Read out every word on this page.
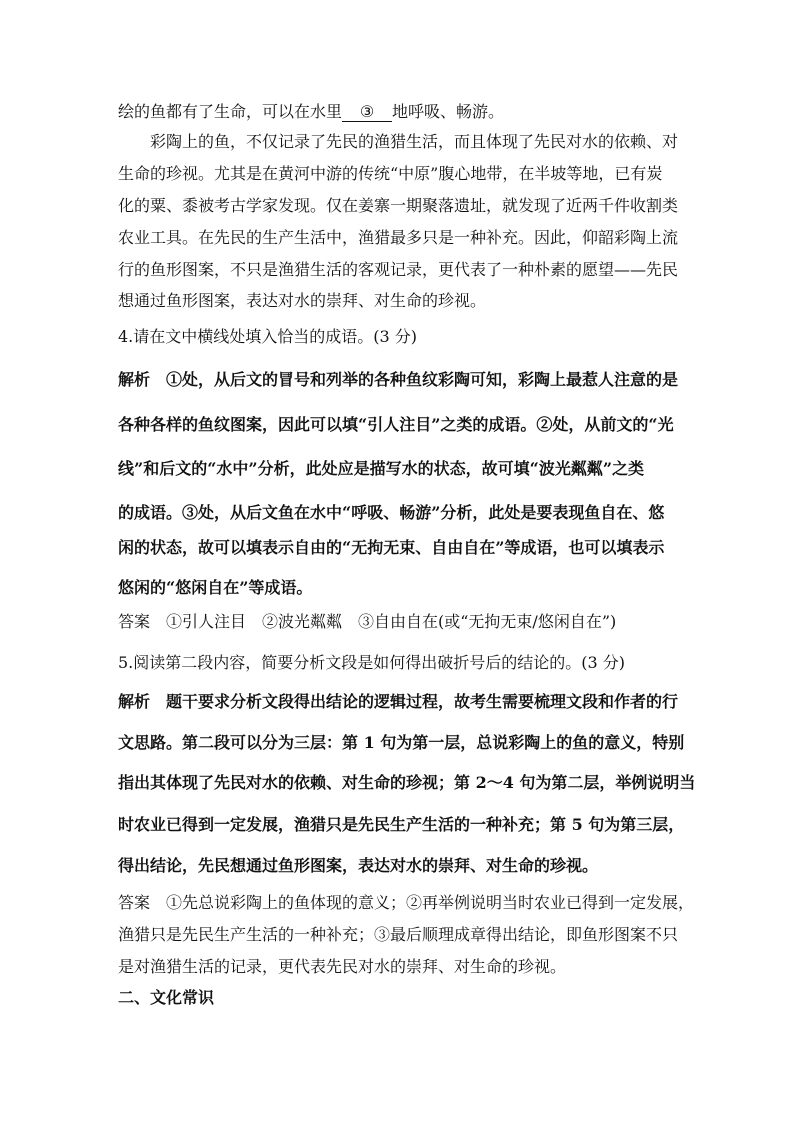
绘的鱼都有了生命，可以在水里 ③ 地呼吸、畅游。
　　彩陶上的鱼，不仅记录了先民的渔猎生活，而且体现了先民对水的依赖、对
生命的珍视。尤其是在黄河中游的传统“中原”腹心地带，在半坡等地，已有炭
化的粟、黍被考古学家发现。仅在姜寨一期聚落遗址，就发现了近两千件收割类
农业工具。在先民的生产生活中，渔猎最多只是一种补充。因此，仰韶彩陶上流
行的鱼形图案，不只是渔猎生活的客观记录，更代表了一种朴素的愿望——先民
想通过鱼形图案，表达对水的崇拜、对生命的珍视。
4.请在文中横线处填入恰当的成语。(3 分)
解析　①处，从后文的冒号和列举的各种鱼纹彩陶可知，彩陶上最惹人注意的是
各种各样的鱼纹图案，因此可以填“引人注目”之类的成语。②处，从前文的“光
线”和后文的“水中”分析，此处应是描写水的状态，故可填“波光粼粼”之类
的成语。③处，从后文鱼在水中“呼吸、畅游”分析，此处是要表现鱼自在、悠
闲的状态，故可以填表示自由的“无拘无束、自由自在”等成语，也可以填表示
悠闲的“悠闲自在”等成语。
答案　①引人注目　②波光粼粼　③自由自在(或“无拘无束/悠闲自在”)
5.阅读第二段内容，简要分析文段是如何得出破折号后的结论的。(3 分)
解析　题干要求分析文段得出结论的逻辑过程，故考生需要梳理文段和作者的行
文思路。第二段可以分为三层：第 1 句为第一层，总说彩陶上的鱼的意义，特别
指出其体现了先民对水的依赖、对生命的珍视；第 2～4 句为第二层，举例说明当
时农业已得到一定发展，渔猎只是先民生产生活的一种补充；第 5 句为第三层，
得出结论，先民想通过鱼形图案，表达对水的崇拜、对生命的珍视。
答案　①先总说彩陶上的鱼体现的意义；②再举例说明当时农业已得到一定发展，
渔猎只是先民生产生活的一种补充；③最后顺理成章得出结论，即鱼形图案不只
是对渔猎生活的记录，更代表先民对水的崇拜、对生命的珍视。
二、文化常识
